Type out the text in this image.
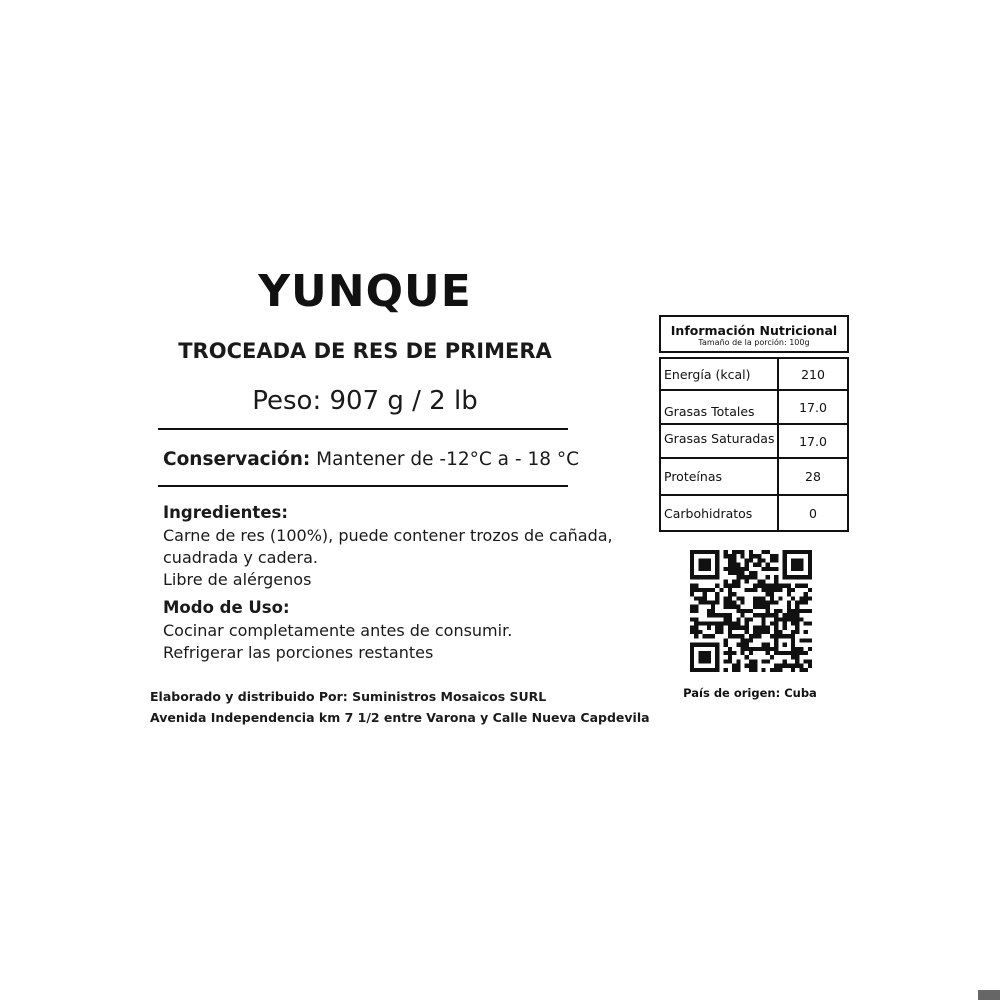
YUNQUE
TROCEADA DE RES DE PRIMERA
Peso: 907 g / 2 lb
Conservación: Mantener de -12°C a - 18 °C
Ingredientes:
Carne de res (100%), puede contener trozos de cañada,
cuadrada y cadera.
Libre de alérgenos
Modo de Uso:
Cocinar completamente antes de consumir.
Refrigerar las porciones restantes
Elaborado y distribuido Por: Suministros Mosaicos SURL
Avenida Independencia km 7 1/2 entre Varona y Calle Nueva Capdevila
Información Nutricional
Tamaño de la porción: 100g
Energía (kcal)	210
Grasas Totales	17.0
Grasas Saturadas	17.0
Proteínas	28
Carbohidratos	0
País de origen: Cuba
